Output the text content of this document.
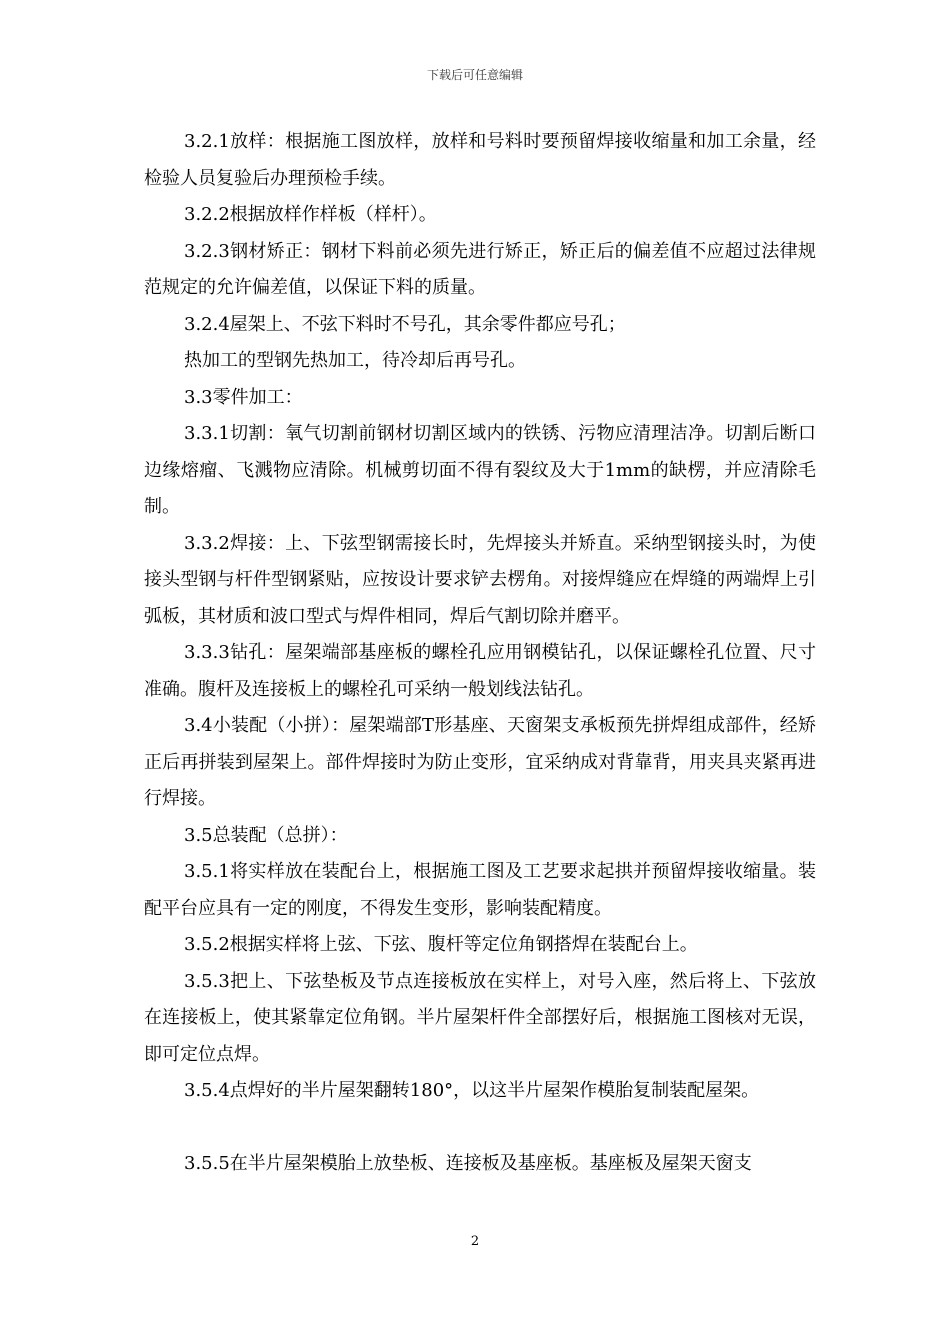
下载后可任意编辑

3.2.1放样：根据施工图放样，放样和号料时要预留焊接收缩量和加工余量，经检验人员复验后办理预检手续。

3.2.2根据放样作样板（样杆）。

3.2.3钢材矫正：钢材下料前必须先进行矫正，矫正后的偏差值不应超过法律规范规定的允许偏差值，以保证下料的质量。

3.2.4屋架上、不弦下料时不号孔，其余零件都应号孔；

热加工的型钢先热加工，待冷却后再号孔。

3.3零件加工：

3.3.1切割：氧气切割前钢材切割区域内的铁锈、污物应清理洁净。切割后断口边缘熔瘤、飞溅物应清除。机械剪切面不得有裂纹及大于1mm的缺楞，并应清除毛制。

3.3.2焊接：上、下弦型钢需接长时，先焊接头并矫直。采纳型钢接头时，为使接头型钢与杆件型钢紧贴，应按设计要求铲去楞角。对接焊缝应在焊缝的两端焊上引弧板，其材质和波口型式与焊件相同，焊后气割切除并磨平。

3.3.3钻孔：屋架端部基座板的螺栓孔应用钢模钻孔，以保证螺栓孔位置、尺寸准确。腹杆及连接板上的螺栓孔可采纳一般划线法钻孔。

3.4小装配（小拼）：屋架端部T形基座、天窗架支承板预先拼焊组成部件，经矫正后再拼装到屋架上。部件焊接时为防止变形，宜采纳成对背靠背，用夹具夹紧再进行焊接。

3.5总装配（总拼）：

3.5.1将实样放在装配台上，根据施工图及工艺要求起拱并预留焊接收缩量。装配平台应具有一定的刚度，不得发生变形，影响装配精度。

3.5.2根据实样将上弦、下弦、腹杆等定位角钢搭焊在装配台上。

3.5.3把上、下弦垫板及节点连接板放在实样上，对号入座，然后将上、下弦放在连接板上，使其紧靠定位角钢。半片屋架杆件全部摆好后，根据施工图核对无误，即可定位点焊。

3.5.4点焊好的半片屋架翻转180°，以这半片屋架作模胎复制装配屋架。

3.5.5在半片屋架模胎上放垫板、连接板及基座板。基座板及屋架天窗支

2
